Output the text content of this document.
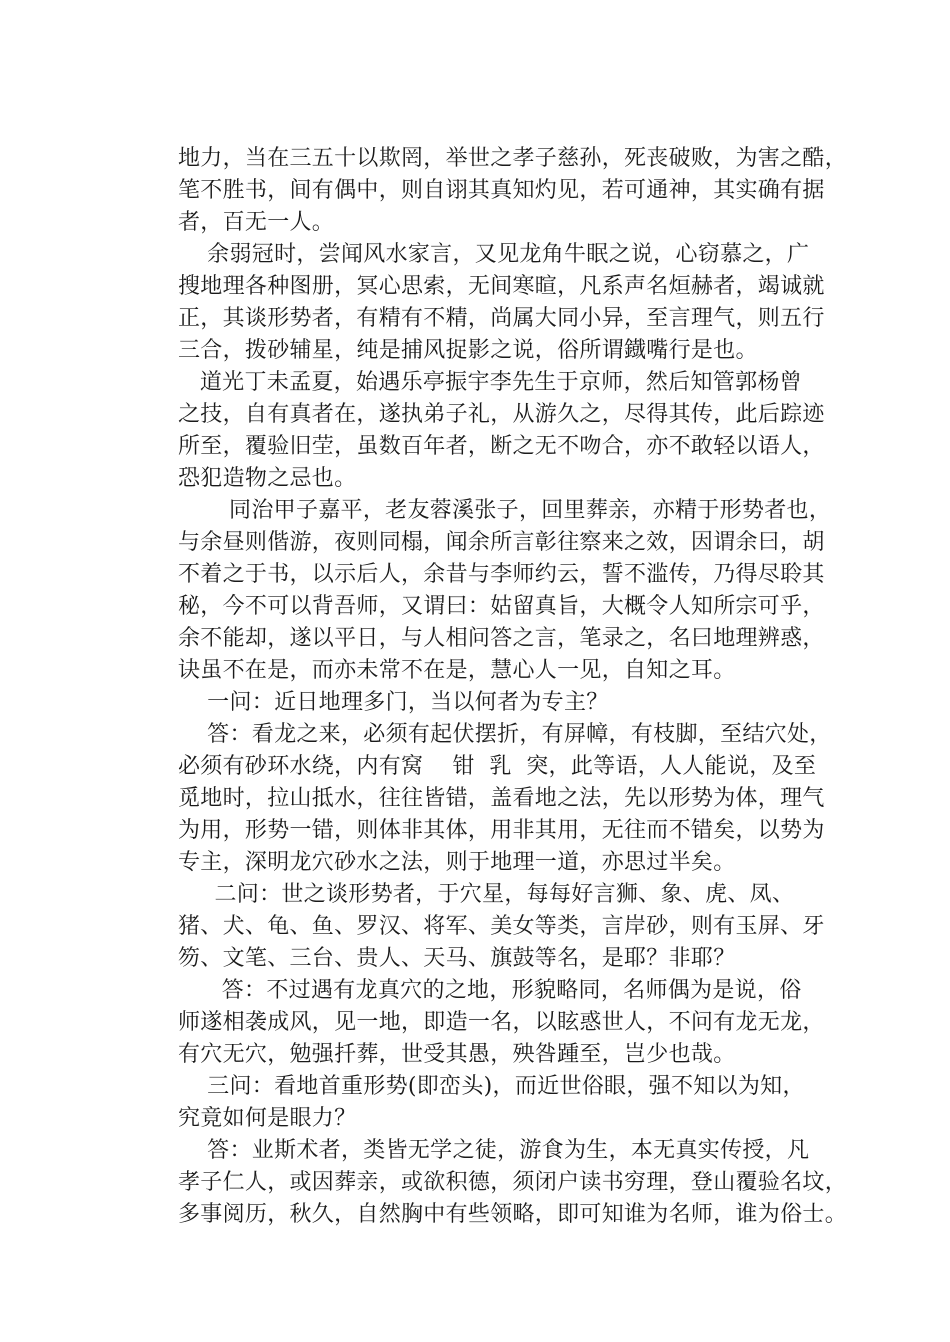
地力，当在三五十以欺罔，举世之孝子慈孙，死丧破败，为害之酷，
笔不胜书，间有偶中，则自诩其真知灼见，若可通神，其实确有据
者，百无一人。
余弱冠时，尝闻风水家言，又见龙角牛眠之说，心窃慕之，广
搜地理各种图册，冥心思索，无间寒暄，凡系声名烜赫者，竭诚就
正，其谈形势者，有精有不精，尚属大同小异，至言理气，则五行
三合，拨砂辅星，纯是捕风捉影之说，俗所谓鐡嘴行是也。
道光丁未孟夏，始遇乐亭振宇李先生于京师，然后知管郭杨曾
之技，自有真者在，遂执弟子礼，从游久之，尽得其传，此后踪迹
所至，覆验旧茔，虽数百年者，断之无不吻合，亦不敢轻以语人，
恐犯造物之忌也。
同治甲子嘉平，老友蓉溪张子，回里葬亲，亦精于形势者也，
与余昼则偕游，夜则同榻，闻余所言彰往察来之效，因谓余曰，胡
不着之于书，以示后人，余昔与李师约云，誓不滥传，乃得尽聆其
秘，今不可以背吾师，又谓曰：姑留真旨，大概令人知所宗可乎，
余不能却，遂以平日，与人相问答之言，笔录之，名曰地理辨惑，
诀虽不在是，而亦未常不在是，慧心人一见，自知之耳。
一问：近日地理多门，当以何者为专主？
答：看龙之来，必须有起伏摆折，有屏幛，有枝脚，至结穴处，
必须有砂环水绕，内有窝    钳  乳  突，此等语，人人能说，及至
觅地时，拉山抵水，往往皆错，盖看地之法，先以形势为体，理气
为用，形势一错，则体非其体，用非其用，无往而不错矣，以势为
专主，深明龙穴砂水之法，则于地理一道，亦思过半矣。
二问：世之谈形势者，于穴星，每每好言狮、象、虎、凤、
猪、犬、龟、鱼、罗汉、将军、美女等类，言岸砂，则有玉屏、牙
笏、文笔、三台、贵人、天马、旗鼓等名，是耶？非耶？
答：不过遇有龙真穴的之地，形貌略同，名师偶为是说，俗
师遂相袭成风，见一地，即造一名，以眩惑世人，不问有龙无龙，
有穴无穴，勉强扦葬，世受其愚，殃咎踵至，岂少也哉。
三问：看地首重形势(即峦头)，而近世俗眼，强不知以为知，
究竟如何是眼力？
答：业斯术者，类皆无学之徒，游食为生，本无真实传授，凡
孝子仁人，或因葬亲，或欲积德，须闭户读书穷理，登山覆验名坟，
多事阅历，秋久，自然胸中有些领略，即可知谁为名师，谁为俗士。
